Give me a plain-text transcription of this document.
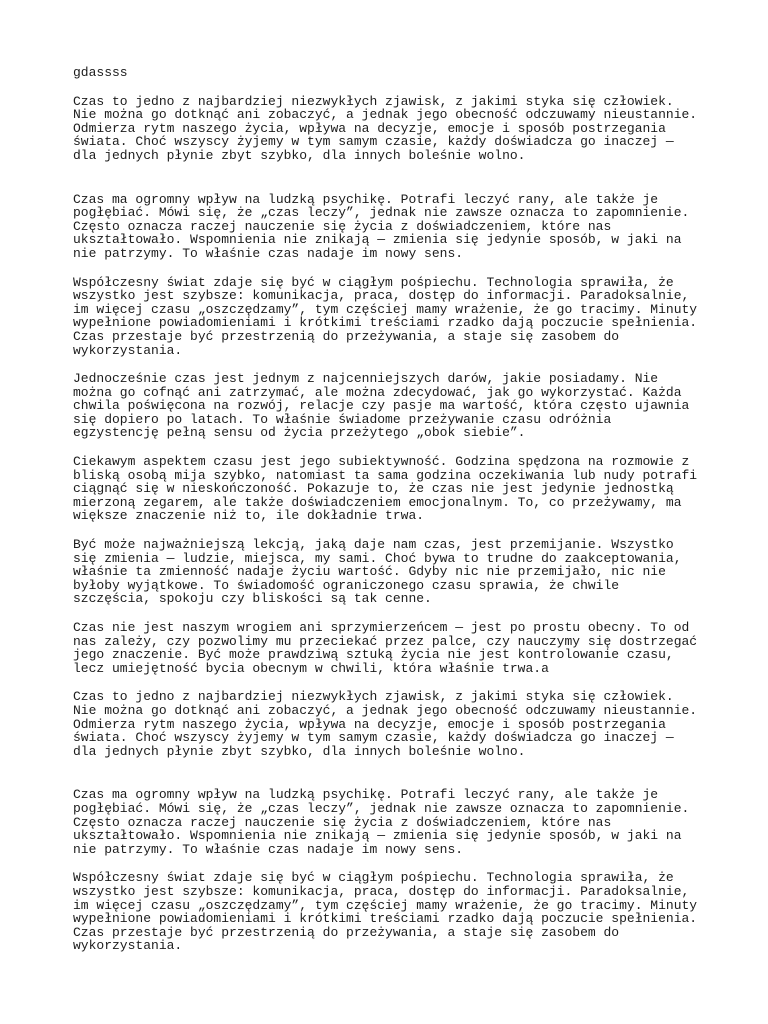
gdassss
Czas to jedno z najbardziej niezwykłych zjawisk, z jakimi styka się człowiek.
Nie można go dotknąć ani zobaczyć, a jednak jego obecność odczuwamy nieustannie.
Odmierza rytm naszego życia, wpływa na decyzje, emocje i sposób postrzegania
świata. Choć wszyscy żyjemy w tym samym czasie, każdy doświadcza go inaczej —
dla jednych płynie zbyt szybko, dla innych boleśnie wolno.
Czas ma ogromny wpływ na ludzką psychikę. Potrafi leczyć rany, ale także je
pogłębiać. Mówi się, że „czas leczy”, jednak nie zawsze oznacza to zapomnienie.
Często oznacza raczej nauczenie się życia z doświadczeniem, które nas
ukształtowało. Wspomnienia nie znikają — zmienia się jedynie sposób, w jaki na
nie patrzymy. To właśnie czas nadaje im nowy sens.
Współczesny świat zdaje się być w ciągłym pośpiechu. Technologia sprawiła, że
wszystko jest szybsze: komunikacja, praca, dostęp do informacji. Paradoksalnie,
im więcej czasu „oszczędzamy”, tym częściej mamy wrażenie, że go tracimy. Minuty
wypełnione powiadomieniami i krótkimi treściami rzadko dają poczucie spełnienia.
Czas przestaje być przestrzenią do przeżywania, a staje się zasobem do
wykorzystania.
Jednocześnie czas jest jednym z najcenniejszych darów, jakie posiadamy. Nie
można go cofnąć ani zatrzymać, ale można zdecydować, jak go wykorzystać. Każda
chwila poświęcona na rozwój, relacje czy pasje ma wartość, która często ujawnia
się dopiero po latach. To właśnie świadome przeżywanie czasu odróżnia
egzystencję pełną sensu od życia przeżytego „obok siebie”.
Ciekawym aspektem czasu jest jego subiektywność. Godzina spędzona na rozmowie z
bliską osobą mija szybko, natomiast ta sama godzina oczekiwania lub nudy potrafi
ciągnąć się w nieskończoność. Pokazuje to, że czas nie jest jedynie jednostką
mierzoną zegarem, ale także doświadczeniem emocjonalnym. To, co przeżywamy, ma
większe znaczenie niż to, ile dokładnie trwa.
Być może najważniejszą lekcją, jaką daje nam czas, jest przemijanie. Wszystko
się zmienia — ludzie, miejsca, my sami. Choć bywa to trudne do zaakceptowania,
właśnie ta zmienność nadaje życiu wartość. Gdyby nic nie przemijało, nic nie
byłoby wyjątkowe. To świadomość ograniczonego czasu sprawia, że chwile
szczęścia, spokoju czy bliskości są tak cenne.
Czas nie jest naszym wrogiem ani sprzymierzeńcem — jest po prostu obecny. To od
nas zależy, czy pozwolimy mu przeciekać przez palce, czy nauczymy się dostrzegać
jego znaczenie. Być może prawdziwą sztuką życia nie jest kontrolowanie czasu,
lecz umiejętność bycia obecnym w chwili, która właśnie trwa.a
Czas to jedno z najbardziej niezwykłych zjawisk, z jakimi styka się człowiek.
Nie można go dotknąć ani zobaczyć, a jednak jego obecność odczuwamy nieustannie.
Odmierza rytm naszego życia, wpływa na decyzje, emocje i sposób postrzegania
świata. Choć wszyscy żyjemy w tym samym czasie, każdy doświadcza go inaczej —
dla jednych płynie zbyt szybko, dla innych boleśnie wolno.
Czas ma ogromny wpływ na ludzką psychikę. Potrafi leczyć rany, ale także je
pogłębiać. Mówi się, że „czas leczy”, jednak nie zawsze oznacza to zapomnienie.
Często oznacza raczej nauczenie się życia z doświadczeniem, które nas
ukształtowało. Wspomnienia nie znikają — zmienia się jedynie sposób, w jaki na
nie patrzymy. To właśnie czas nadaje im nowy sens.
Współczesny świat zdaje się być w ciągłym pośpiechu. Technologia sprawiła, że
wszystko jest szybsze: komunikacja, praca, dostęp do informacji. Paradoksalnie,
im więcej czasu „oszczędzamy”, tym częściej mamy wrażenie, że go tracimy. Minuty
wypełnione powiadomieniami i krótkimi treściami rzadko dają poczucie spełnienia.
Czas przestaje być przestrzenią do przeżywania, a staje się zasobem do
wykorzystania.
